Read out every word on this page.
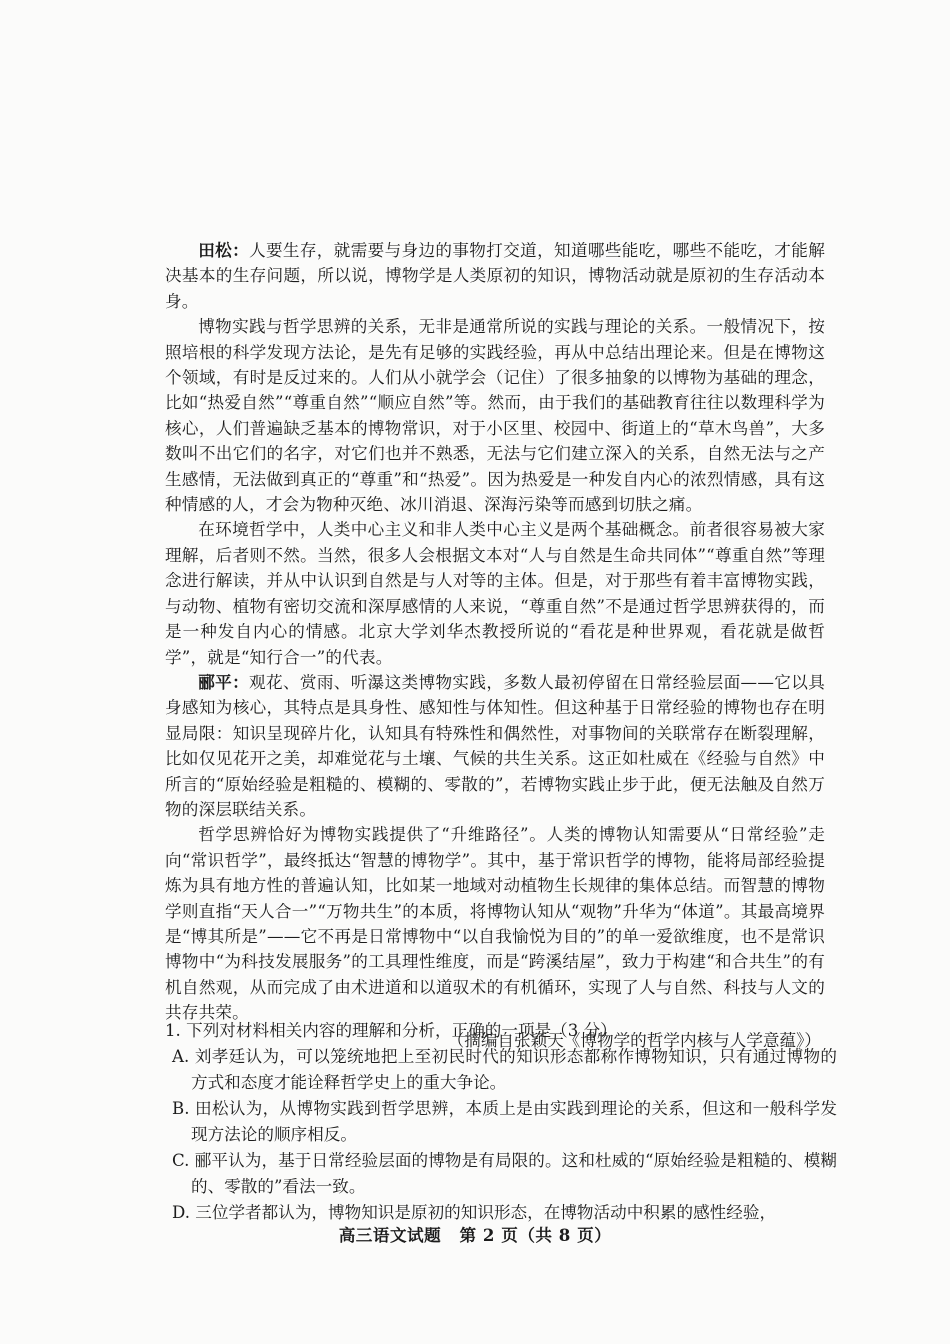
田松：人要生存，就需要与身边的事物打交道，知道哪些能吃，哪些不能吃，才能解决基本的生存问题，所以说，博物学是人类原初的知识，博物活动就是原初的生存活动本身。

博物实践与哲学思辨的关系，无非是通常所说的实践与理论的关系。一般情况下，按照培根的科学发现方法论，是先有足够的实践经验，再从中总结出理论来。但是在博物这个领域，有时是反过来的。人们从小就学会（记住）了很多抽象的以博物为基础的理念，比如“热爱自然”“尊重自然”“顺应自然”等。然而，由于我们的基础教育往往以数理科学为核心，人们普遍缺乏基本的博物常识，对于小区里、校园中、街道上的“草木鸟兽”，大多数叫不出它们的名字，对它们也并不熟悉，无法与它们建立深入的关系，自然无法与之产生感情，无法做到真正的“尊重”和“热爱”。因为热爱是一种发自内心的浓烈情感，具有这种情感的人，才会为物种灭绝、冰川消退、深海污染等而感到切肤之痛。

在环境哲学中，人类中心主义和非人类中心主义是两个基础概念。前者很容易被大家理解，后者则不然。当然，很多人会根据文本对“人与自然是生命共同体”“尊重自然”等理念进行解读，并从中认识到自然是与人对等的主体。但是，对于那些有着丰富博物实践，与动物、植物有密切交流和深厚感情的人来说，“尊重自然”不是通过哲学思辨获得的，而是一种发自内心的情感。北京大学刘华杰教授所说的“看花是种世界观，看花就是做哲学”，就是“知行合一”的代表。

郦平：观花、赏雨、听瀑这类博物实践，多数人最初停留在日常经验层面——它以具身感知为核心，其特点是具身性、感知性与体知性。但这种基于日常经验的博物也存在明显局限：知识呈现碎片化，认知具有特殊性和偶然性，对事物间的关联常存在断裂理解，比如仅见花开之美，却难觉花与土壤、气候的共生关系。这正如杜威在《经验与自然》中所言的“原始经验是粗糙的、模糊的、零散的”，若博物实践止步于此，便无法触及自然万物的深层联结关系。

哲学思辨恰好为博物实践提供了“升维路径”。人类的博物认知需要从“日常经验”走向“常识哲学”，最终抵达“智慧的博物学”。其中，基于常识哲学的博物，能将局部经验提炼为具有地方性的普遍认知，比如某一地域对动植物生长规律的集体总结。而智慧的博物学则直指“天人合一”“万物共生”的本质，将博物认知从“观物”升华为“体道”。其最高境界是“博其所是”——它不再是日常博物中“以自我愉悦为目的”的单一爱欲维度，也不是常识博物中“为科技发展服务”的工具理性维度，而是“跨溪结屋”，致力于构建“和合共生”的有机自然观，从而完成了由术进道和以道驭术的有机循环，实现了人与自然、科技与人文的共存共荣。

（摘编自张颖天《博物学的哲学内核与人学意蕴》）

1. 下列对材料相关内容的理解和分析，正确的一项是（3 分）

A. 刘孝廷认为，可以笼统地把上至初民时代的知识形态都称作博物知识，只有通过博物的方式和态度才能诠释哲学史上的重大争论。

B. 田松认为，从博物实践到哲学思辨，本质上是由实践到理论的关系，但这和一般科学发现方法论的顺序相反。

C. 郦平认为，基于日常经验层面的博物是有局限的。这和杜威的“原始经验是粗糙的、模糊的、零散的”看法一致。

D. 三位学者都认为，博物知识是原初的知识形态，在博物活动中积累的感性经验，

高三语文试题 第 2 页（共 8 页）
